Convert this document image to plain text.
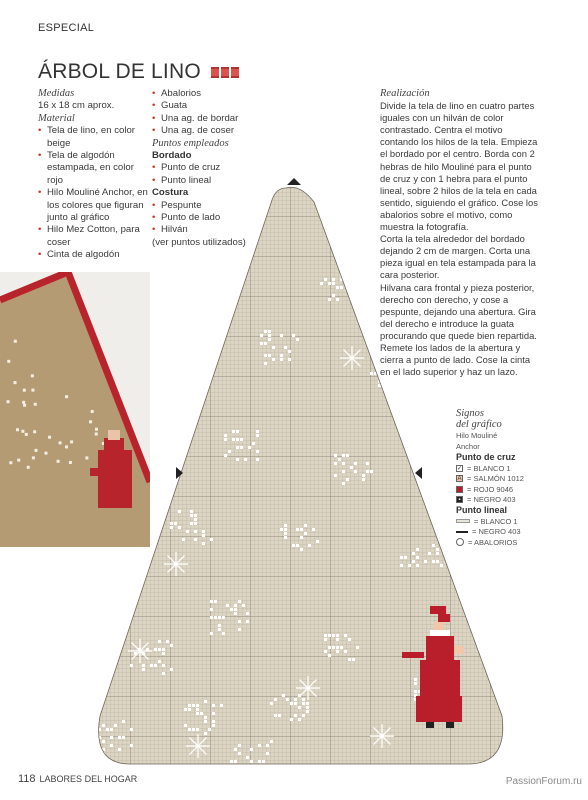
ESPECIAL
ÁRBOL DE LINO
Medidas
16 x 18 cm aprox.
Material
• Tela de lino, en color beige
• Tela de algodón estampada, en color rojo
• Hilo Mouliné Anchor, en los colores que figuran junto al gráfico
• Hilo Mez Cotton, para coser
• Cinta de algodón
• Abalorios
• Guata
• Una ag. de bordar
• Una ag. de coser
Puntos empleados
Bordado
• Punto de cruz
• Punto lineal
Costura
• Pespunte
• Punto de lado
• Hilván
(ver puntos utilizados)
Realización
Divide la tela de lino en cuatro partes iguales con un hilván de color contrastado. Centra el motivo contando los hilos de la tela. Empieza el bordado por el centro. Borda con 2 hebras de hilo Mouliné para el punto de cruz y con 1 hebra para el punto lineal, sobre 2 hilos de la tela en cada sentido, siguiendo el gráfico. Cose los abalorios sobre el motivo, como muestra la fotografía.
Corta la tela alrededor del bordado dejando 2 cm de margen. Corta una pieza igual en tela estampada para la cara posterior.
Hilvana cara frontal y pieza posterior, derecho con derecho, y cose a pespunte, dejando una abertura. Gira del derecho e introduce la guata procurando que quede bien repartida. Remete los lados de la abertura y cierra a punto de lado. Cose la cinta en el lado superior y haz un lazo.
Signos
del gráfico
Hilo Mouliné
Anchor
Punto de cruz
✓ = BLANCO 1
A = SALMÓN 1012
= ROJO 9046
▪ = NEGRO 403
Punto lineal
= BLANCO 1
= NEGRO 403
= ABALORIOS
118 LABORES DEL HOGAR	PassionForum.ru
